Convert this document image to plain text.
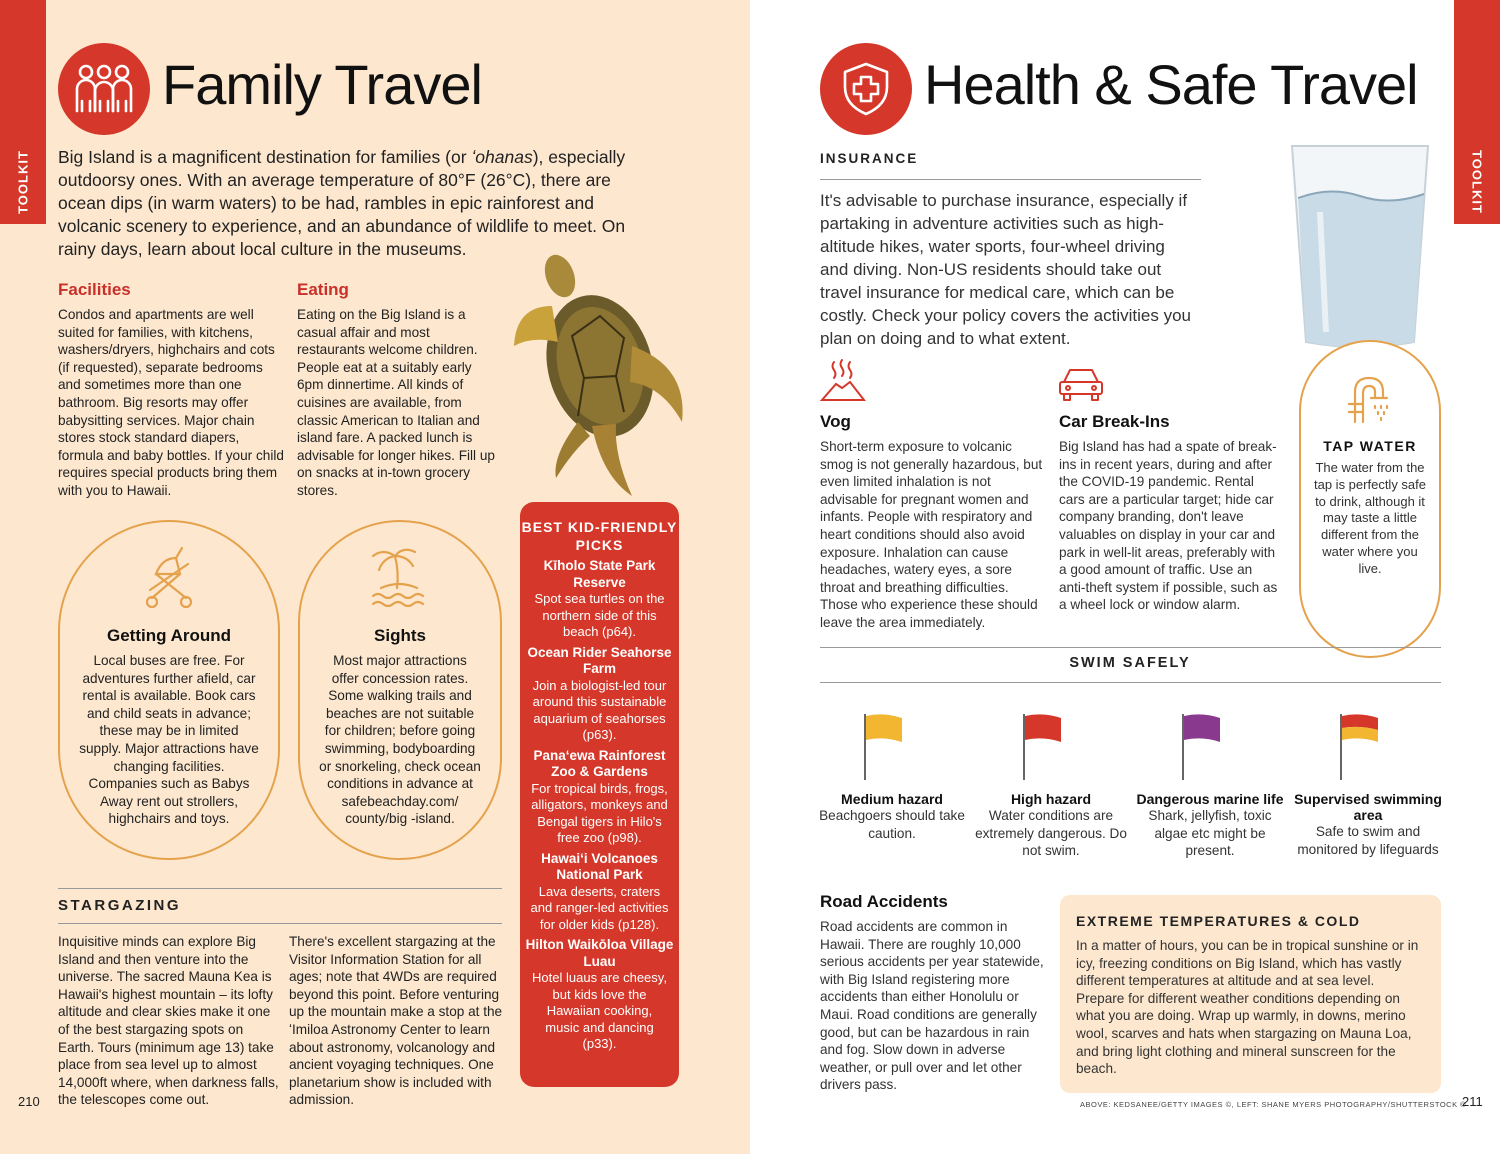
TOOLKIT
Family Travel

Big Island is a magnificent destination for families (or ʻohanas), especially outdoorsy ones. With an average temperature of 80°F (26°C), there are ocean dips (in warm waters) to be had, rambles in epic rainforest and volcanic scenery to experience, and an abundance of wildlife to meet. On rainy days, learn about local culture in the museums.

Facilities

Condos and apartments are well suited for families, with kitchens, washers/dryers, highchairs and cots (if requested), separate bedrooms and sometimes more than one bathroom. Big resorts may offer babysitting services. Major chain stores stock standard diapers, formula and baby bottles. If your child requires special products bring them with you to Hawaii.

Eating

Eating on the Big Island is a casual affair and most restaurants welcome children. People eat at a suitably early 6pm dinnertime. All kinds of cuisines are available, from classic American to Italian and island fare. A packed lunch is advisable for longer hikes. Fill up on snacks at in-town grocery stores.

Getting Around

Local buses are free. For adventures further afield, car rental is available. Book cars and child seats in advance; these may be in limited supply. Major attractions have changing facilities. Companies such as Babys Away rent out strollers, highchairs and toys.

Sights

Most major attractions offer concession rates. Some walking trails and beaches are not suitable for children; before going swimming, bodyboarding or snorkeling, check ocean conditions in advance at safebeachday.com/ county/big -island.

STARGAZING

Inquisitive minds can explore Big Island and then venture into the universe. The sacred Mauna Kea is Hawaii's highest mountain – its lofty altitude and clear skies make it one of the best stargazing spots on Earth. Tours (minimum age 13) take place from sea level up to almost 14,000ft where, when darkness falls, the telescopes come out.

There's excellent stargazing at the Visitor Information Station for all ages; note that 4WDs are required beyond this point. Before venturing up the mountain make a stop at the ʻImiloa Astronomy Center to learn about astronomy, volcanology and ancient voyaging techniques. One planetarium show is included with admission.

BEST KID-FRIENDLY PICKS
Kīholo State Park Reserve
Spot sea turtles on the northern side of this beach (p64).
Ocean Rider Seahorse Farm
Join a biologist-led tour around this sustainable aquarium of seahorses (p63).
Panaʻewa Rainforest Zoo & Gardens
For tropical birds, frogs, alligators, monkeys and Bengal tigers in Hilo's free zoo (p98).
Hawaiʻi Volcanoes National Park
Lava deserts, craters and ranger-led activities for older kids (p128).
Hilton Waikōloa Village Luau
Hotel luaus are cheesy, but kids love the Hawaiian cooking, music and dancing (p33).
210
TOOLKIT
Health & Safe Travel
INSURANCE

It's advisable to purchase insurance, especially if partaking in adventure activities such as high-altitude hikes, water sports, four-wheel driving and diving. Non-US residents should take out travel insurance for medical care, which can be costly. Check your policy covers the activities you plan on doing and to what extent.

TAP WATER

The water from the tap is perfectly safe to drink, although it may taste a little different from the water where you live.

Vog

Short-term exposure to volcanic smog is not generally hazardous, but even limited inhalation is not advisable for pregnant women and infants. People with respiratory and heart conditions should also avoid exposure. Inhalation can cause headaches, watery eyes, a sore throat and breathing difficulties. Those who experience these should leave the area immediately.

Car Break-Ins

Big Island has had a spate of break-ins in recent years, during and after the COVID-19 pandemic. Rental cars are a particular target; hide car company branding, don't leave valuables on display in your car and park in well-lit areas, preferably with a good amount of traffic. Use an anti-theft system if possible, such as a wheel lock or window alarm.

SWIM SAFELY
Medium hazard
Beachgoers should take caution.
High hazard
Water conditions are extremely dangerous. Do not swim.
Dangerous marine life
Shark, jellyfish, toxic algae etc might be present.
Supervised swimming area
Safe to swim and monitored by lifeguards
Road Accidents

Road accidents are common in Hawaii. There are roughly 10,000 serious accidents per year statewide, with Big Island registering more accidents than either Honolulu or Maui. Road conditions are generally good, but can be hazardous in rain and fog. Slow down in adverse weather, or pull over and let other drivers pass.

EXTREME TEMPERATURES & COLD

In a matter of hours, you can be in tropical sunshine or in icy, freezing conditions on Big Island, which has vastly different temperatures at altitude and at sea level. Prepare for different weather conditions depending on what you are doing. Wrap up warmly, in downs, merino wool, scarves and hats when stargazing on Mauna Loa, and bring light clothing and mineral sunscreen for the beach.

ABOVE: KEDSANEE/GETTY IMAGES ©, LEFT: SHANE MYERS PHOTOGRAPHY/SHUTTERSTOCK ©
211
